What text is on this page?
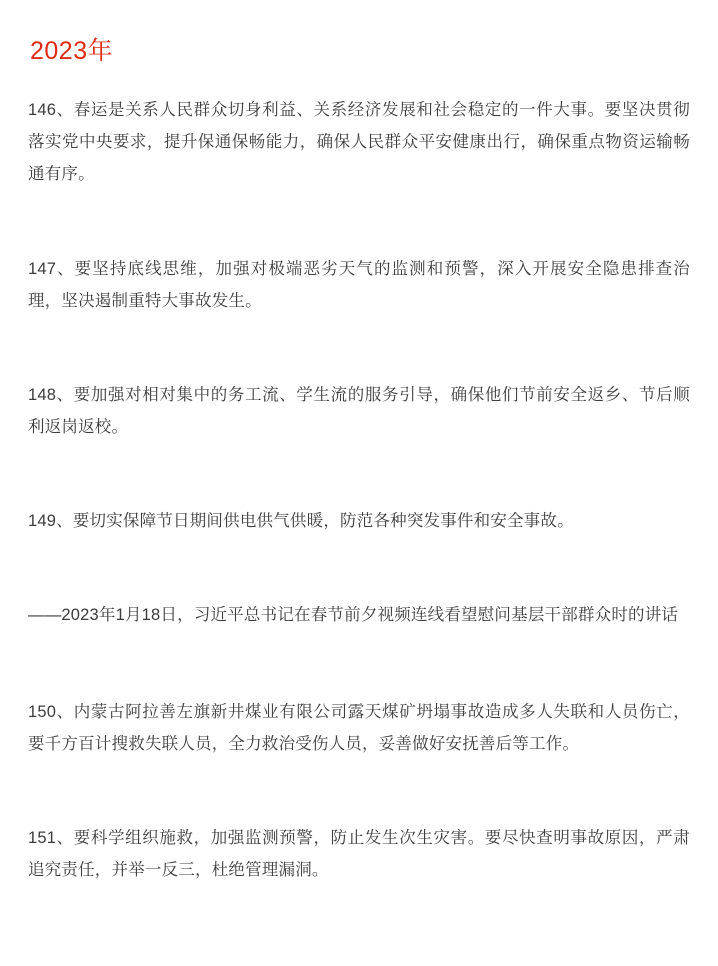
2023年

146、春运是关系人民群众切身利益、关系经济发展和社会稳定的一件大事。要坚决贯彻落实党中央要求，提升保通保畅能力，确保人民群众平安健康出行，确保重点物资运输畅通有序。

147、要坚持底线思维，加强对极端恶劣天气的监测和预警，深入开展安全隐患排查治理，坚决遏制重特大事故发生。

148、要加强对相对集中的务工流、学生流的服务引导，确保他们节前安全返乡、节后顺利返岗返校。

149、要切实保障节日期间供电供气供暖，防范各种突发事件和安全事故。

——2023年1月18日，习近平总书记在春节前夕视频连线看望慰问基层干部群众时的讲话

150、内蒙古阿拉善左旗新井煤业有限公司露天煤矿坍塌事故造成多人失联和人员伤亡，要千方百计搜救失联人员，全力救治受伤人员，妥善做好安抚善后等工作。

151、要科学组织施救，加强监测预警，防止发生次生灾害。要尽快查明事故原因，严肃追究责任，并举一反三，杜绝管理漏洞。
